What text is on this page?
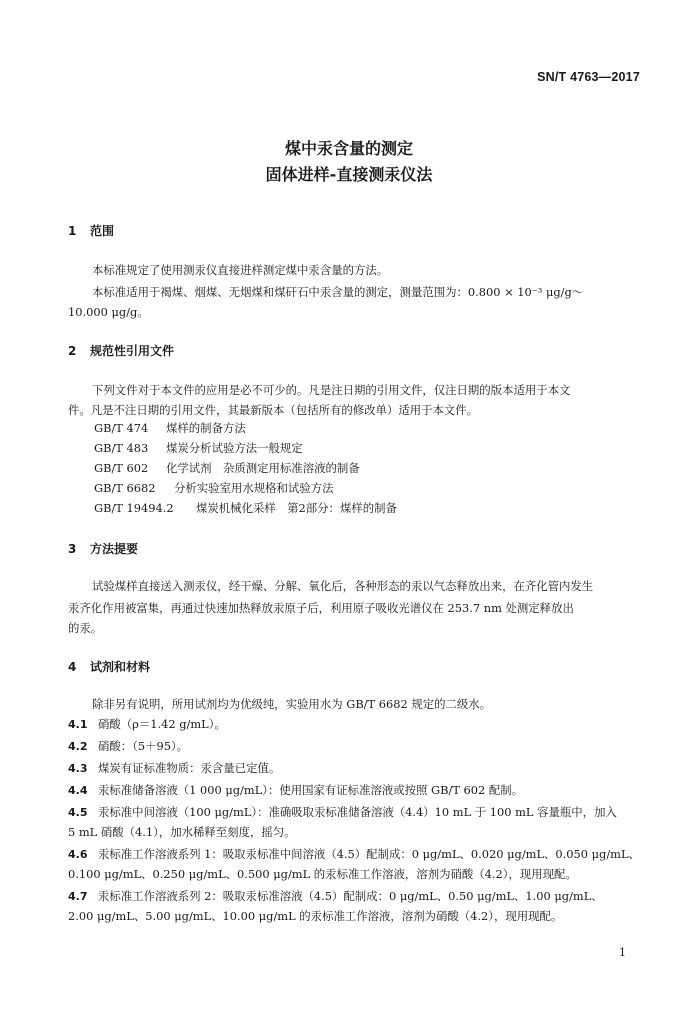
SN/T 4763—2017
煤中汞含量的测定
固体进样-直接测汞仪法
1 范围
本标准规定了使用测汞仪直接进样测定煤中汞含量的方法。
本标准适用于褐煤、烟煤、无烟煤和煤矸石中汞含量的测定，测量范围为：0.800 × 10⁻³ μg/g～
10.000 μg/g。
2 规范性引用文件
下列文件对于本文件的应用是必不可少的。凡是注日期的引用文件，仅注日期的版本适用于本文
件。凡是不注日期的引用文件，其最新版本（包括所有的修改单）适用于本文件。
GB/T 474 煤样的制备方法
GB/T 483 煤炭分析试验方法一般规定
GB/T 602 化学试剂　杂质测定用标准溶液的制备
GB/T 6682 分析实验室用水规格和试验方法
GB/T 19494.2 煤炭机械化采样　第2部分：煤样的制备
3 方法提要
试验煤样直接送入测汞仪，经干燥、分解、氧化后，各种形态的汞以气态释放出来，在齐化管内发生
汞齐化作用被富集，再通过快速加热释放汞原子后，利用原子吸收光谱仪在 253.7 nm 处测定释放出
的汞。
4 试剂和材料
除非另有说明，所用试剂均为优级纯，实验用水为 GB/T 6682 规定的二级水。
4.1 硝酸（ρ＝1.42 g/mL）。
4.2 硝酸：（5＋95）。
4.3 煤炭有证标准物质：汞含量已定值。
4.4 汞标准储备溶液（1 000 μg/mL）：使用国家有证标准溶液或按照 GB/T 602 配制。
4.5 汞标准中间溶液（100 μg/mL）：准确吸取汞标准储备溶液（4.4）10 mL 于 100 mL 容量瓶中，加入
5 mL 硝酸（4.1），加水稀释至刻度，摇匀。
4.6 汞标准工作溶液系列 1：吸取汞标准中间溶液（4.5）配制成：0 μg/mL、0.020 μg/mL、0.050 μg/mL、
0.100 μg/mL、0.250 μg/mL、0.500 μg/mL 的汞标准工作溶液，溶剂为硝酸（4.2），现用现配。
4.7 汞标准工作溶液系列 2：吸取汞标准溶液（4.5）配制成：0 μg/mL、0.50 μg/mL、1.00 μg/mL、
2.00 μg/mL、5.00 μg/mL、10.00 μg/mL 的汞标准工作溶液，溶剂为硝酸（4.2），现用现配。
1
